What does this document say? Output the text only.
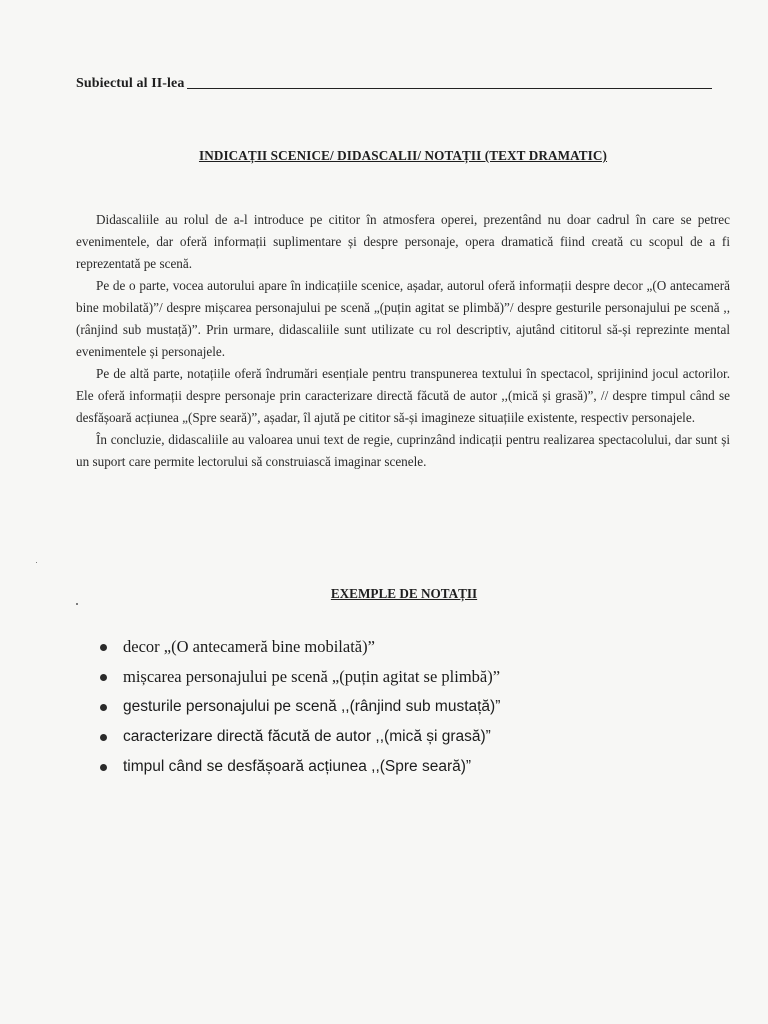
Subiectul al II-lea
INDICAȚII SCENICE/ DIDASCALII/ NOTAȚII (TEXT DRAMATIC)

Didascaliile au rolul de a-l introduce pe cititor în atmosfera operei, prezentând nu doar cadrul în care se petrec evenimentele, dar oferă informații suplimentare și despre personaje, opera dramatică fiind creată cu scopul de a fi reprezentată pe scenă.

Pe de o parte, vocea autorului apare în indicațiile scenice, așadar, autorul oferă informații despre decor „(O antecameră bine mobilată)”/ despre mișcarea personajului pe scenă „(puțin agitat se plimbă)”/ despre gesturile personajului pe scenă ,,(rânjind sub mustață)”. Prin urmare, didascaliile sunt utilizate cu rol descriptiv, ajutând cititorul să-și reprezinte mental evenimentele și personajele.

Pe de altă parte, notațiile oferă îndrumări esențiale pentru transpunerea textului în spectacol, sprijinind jocul actorilor. Ele oferă informații despre personaje prin caracterizare directă făcută de autor ,,(mică și grasă)”, // despre timpul când se desfășoară acțiunea „(Spre seară)”, așadar, îl ajută pe cititor să-și imagineze situațiile existente, respectiv personajele.

În concluzie, didascaliile au valoarea unui text de regie, cuprinzând indicații pentru realizarea spectacolului, dar sunt și un suport care permite lectorului să construiască imaginar scenele.

EXEMPLE DE NOTAȚII
decor „(O antecameră bine mobilată)”
mișcarea personajului pe scenă „(puțin agitat se plimbă)”
gesturile personajului pe scenă ,,(rânjind sub mustață)”
caracterizare directă făcută de autor ,,(mică și grasă)”
timpul când se desfășoară acțiunea ,,(Spre seară)”
